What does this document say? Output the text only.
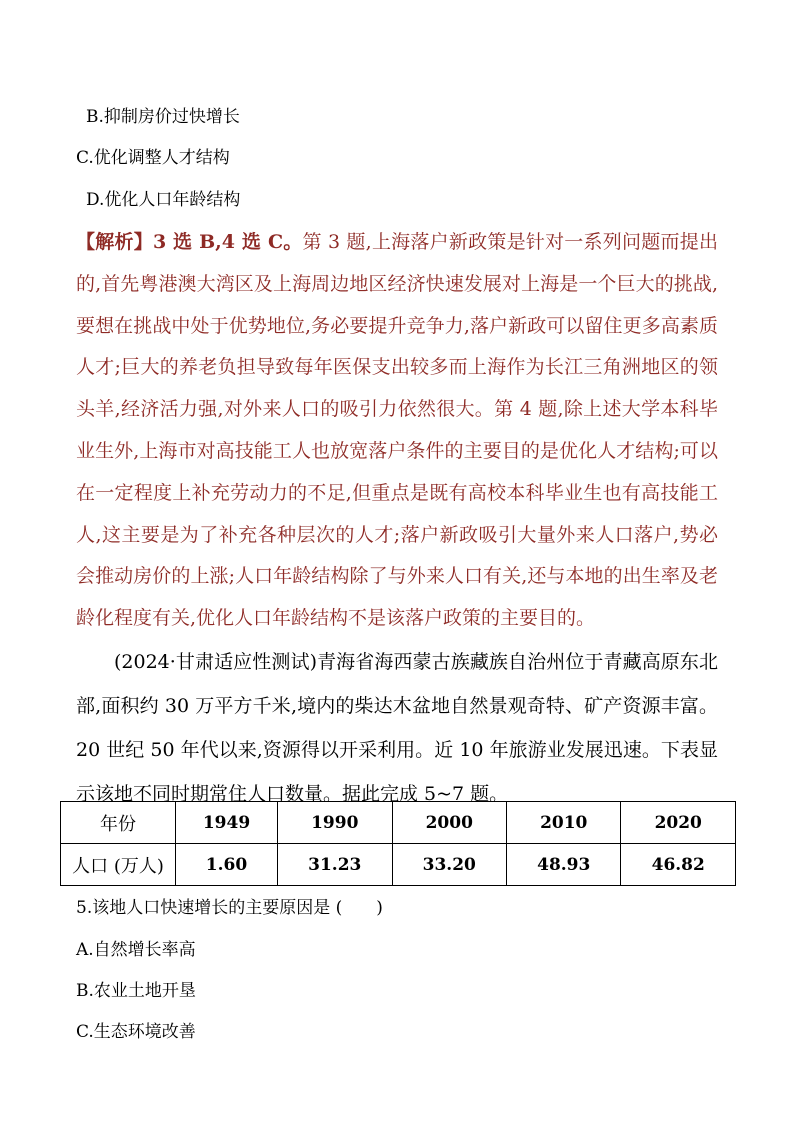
B.抑制房价过快增长
C.优化调整人才结构
D.优化人口年龄结构
【解析】3 选 B,4 选 C。第 3 题,上海落户新政策是针对一系列问题而提出的,首先粤港澳大湾区及上海周边地区经济快速发展对上海是一个巨大的挑战,要想在挑战中处于优势地位,务必要提升竞争力,落户新政可以留住更多高素质人才;巨大的养老负担导致每年医保支出较多而上海作为长江三角洲地区的领头羊,经济活力强,对外来人口的吸引力依然很大。第 4 题,除上述大学本科毕业生外,上海市对高技能工人也放宽落户条件的主要目的是优化人才结构;可以在一定程度上补充劳动力的不足,但重点是既有高校本科毕业生也有高技能工人,这主要是为了补充各种层次的人才;落户新政吸引大量外来人口落户,势必会推动房价的上涨;人口年龄结构除了与外来人口有关,还与本地的出生率及老龄化程度有关,优化人口年龄结构不是该落户政策的主要目的。
(2024·甘肃适应性测试)青海省海西蒙古族藏族自治州位于青藏高原东北部,面积约 30 万平方千米,境内的柴达木盆地自然景观奇特、矿产资源丰富。20 世纪 50 年代以来,资源得以开采利用。近 10 年旅游业发展迅速。下表显示该地不同时期常住人口数量。据此完成 5~7 题。
年份	1949	1990	2000	2010	2020
人口 (万人)	1.60	31.23	33.20	48.93	46.82
5.该地人口快速增长的主要原因是 (　　)
A.自然增长率高
B.农业土地开垦
C.生态环境改善
